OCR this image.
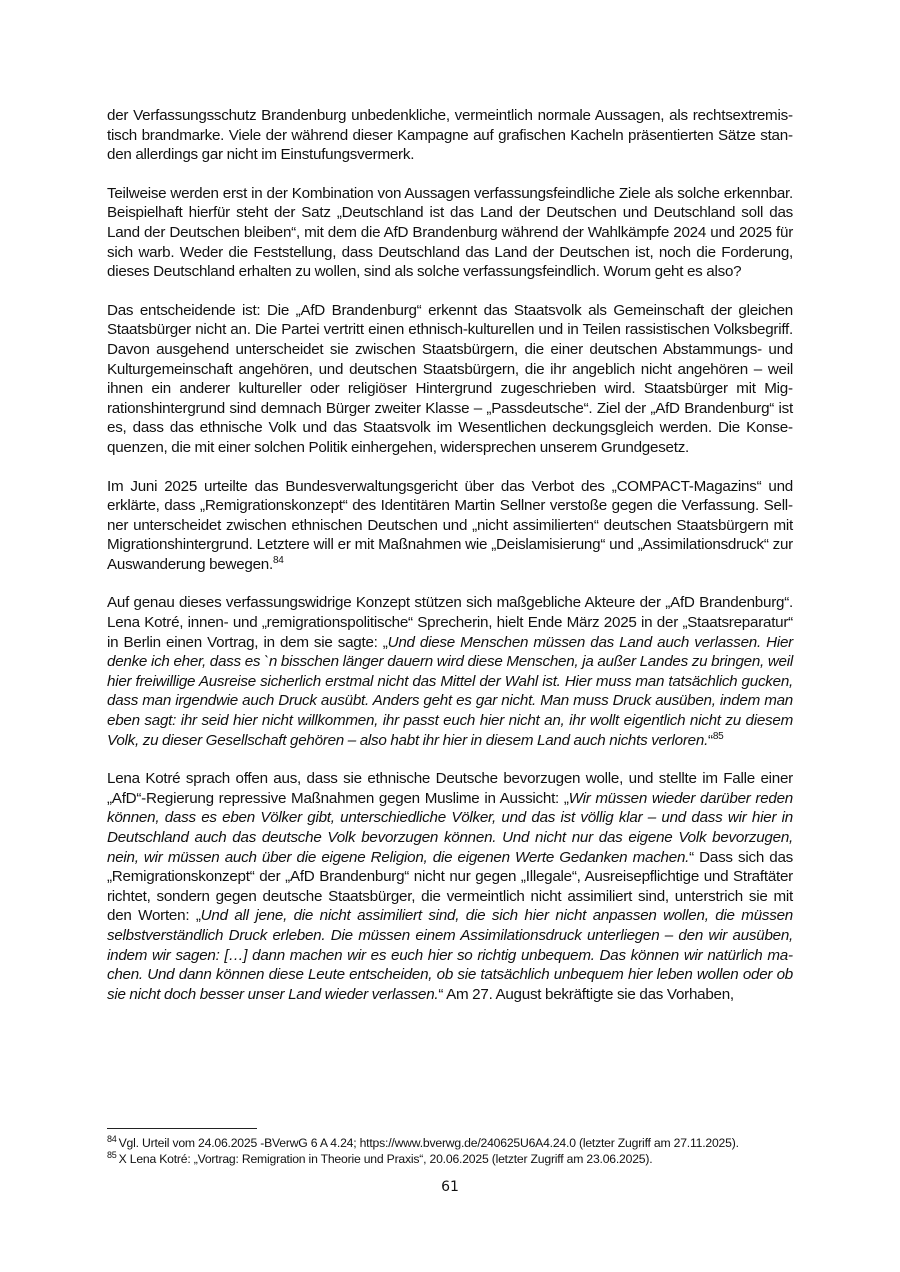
der Verfassungsschutz Brandenburg unbedenkliche, vermeintlich normale Aussagen, als rechtsextremistisch brandmarke. Viele der während dieser Kampagne auf grafischen Kacheln präsentierten Sätze standen allerdings gar nicht im Einstufungsvermerk.

Teilweise werden erst in der Kombination von Aussagen verfassungsfeindliche Ziele als solche erkennbar. Beispielhaft hierfür steht der Satz „Deutschland ist das Land der Deutschen und Deutschland soll das Land der Deutschen bleiben“, mit dem die AfD Brandenburg während der Wahlkämpfe 2024 und 2025 für sich warb. Weder die Feststellung, dass Deutschland das Land der Deutschen ist, noch die Forderung, dieses Deutschland erhalten zu wollen, sind als solche verfassungsfeindlich. Worum geht es also?

Das entscheidende ist: Die „AfD Brandenburg“ erkennt das Staatsvolk als Gemeinschaft der gleichen Staatsbürger nicht an. Die Partei vertritt einen ethnisch-kulturellen und in Teilen rassistischen Volksbegriff. Davon ausgehend unterscheidet sie zwischen Staatsbürgern, die einer deutschen Abstammungs- und Kulturgemeinschaft angehören, und deutschen Staatsbürgern, die ihr angeblich nicht angehören – weil ihnen ein anderer kultureller oder religiöser Hintergrund zugeschrieben wird. Staatsbürger mit Migrationshintergrund sind demnach Bürger zweiter Klasse – „Passdeutsche“. Ziel der „AfD Brandenburg“ ist es, dass das ethnische Volk und das Staatsvolk im Wesentlichen deckungsgleich werden. Die Konsequenzen, die mit einer solchen Politik einhergehen, widersprechen unserem Grundgesetz.

Im Juni 2025 urteilte das Bundesverwaltungsgericht über das Verbot des „COMPACT-Magazins“ und erklärte, dass „Remigrationskonzept“ des Identitären Martin Sellner verstoße gegen die Verfassung. Sellner unterscheidet zwischen ethnischen Deutschen und „nicht assimilierten“ deutschen Staatsbürgern mit Migrationshintergrund. Letztere will er mit Maßnahmen wie „Deislamisierung“ und „Assimilationsdruck“ zur Auswanderung bewegen.$^{84}$

Auf genau dieses verfassungswidrige Konzept stützen sich maßgebliche Akteure der „AfD Brandenburg“. Lena Kotré, innen- und „remigrationspolitische“ Sprecherin, hielt Ende März 2025 in der „Staatsreparatur“ in Berlin einen Vortrag, in dem sie sagte: „Und diese Menschen müssen das Land auch verlassen. Hier denke ich eher, dass es `n bisschen länger dauern wird diese Menschen, ja außer Landes zu bringen, weil hier freiwillige Ausreise sicherlich erstmal nicht das Mittel der Wahl ist. Hier muss man tatsächlich gucken, dass man irgendwie auch Druck ausübt. Anders geht es gar nicht. Man muss Druck ausüben, indem man eben sagt: ihr seid hier nicht willkommen, ihr passt euch hier nicht an, ihr wollt eigentlich nicht zu diesem Volk, zu dieser Gesellschaft gehören – also habt ihr hier in diesem Land auch nichts verloren.“$^{85}$

Lena Kotré sprach offen aus, dass sie ethnische Deutsche bevorzugen wolle, und stellte im Falle einer „AfD“-Regierung repressive Maßnahmen gegen Muslime in Aussicht: „Wir müssen wieder darüber reden können, dass es eben Völker gibt, unterschiedliche Völker, und das ist völlig klar – und dass wir hier in Deutschland auch das deutsche Volk bevorzugen können. Und nicht nur das eigene Volk bevorzugen, nein, wir müssen auch über die eigene Religion, die eigenen Werte Gedanken machen.“ Dass sich das „Remigrationskonzept“ der „AfD Brandenburg“ nicht nur gegen „Illegale“, Ausreisepflichtige und Straftäter richtet, sondern gegen deutsche Staatsbürger, die vermeintlich nicht assimiliert sind, unterstrich sie mit den Worten: „Und all jene, die nicht assimiliert sind, die sich hier nicht anpassen wollen, die müssen selbstverständlich Druck erleben. Die müssen einem Assimilationsdruck unterliegen – den wir ausüben, indem wir sagen: […] dann machen wir es euch hier so richtig unbequem. Das können wir natürlich machen. Und dann können diese Leute entscheiden, ob sie tatsächlich unbequem hier leben wollen oder ob sie nicht doch besser unser Land wieder verlassen.“ Am 27. August bekräftigte sie das Vorhaben,

$^{84}$ Vgl. Urteil vom 24.06.2025 -BVerwG 6 A 4.24; https://www.bverwg.de/240625U6A4.24.0 (letzter Zugriff am 27.11.2025).

$^{85}$ X Lena Kotré: „Vortrag: Remigration in Theorie und Praxis“, 20.06.2025 (letzter Zugriff am 23.06.2025).

61
